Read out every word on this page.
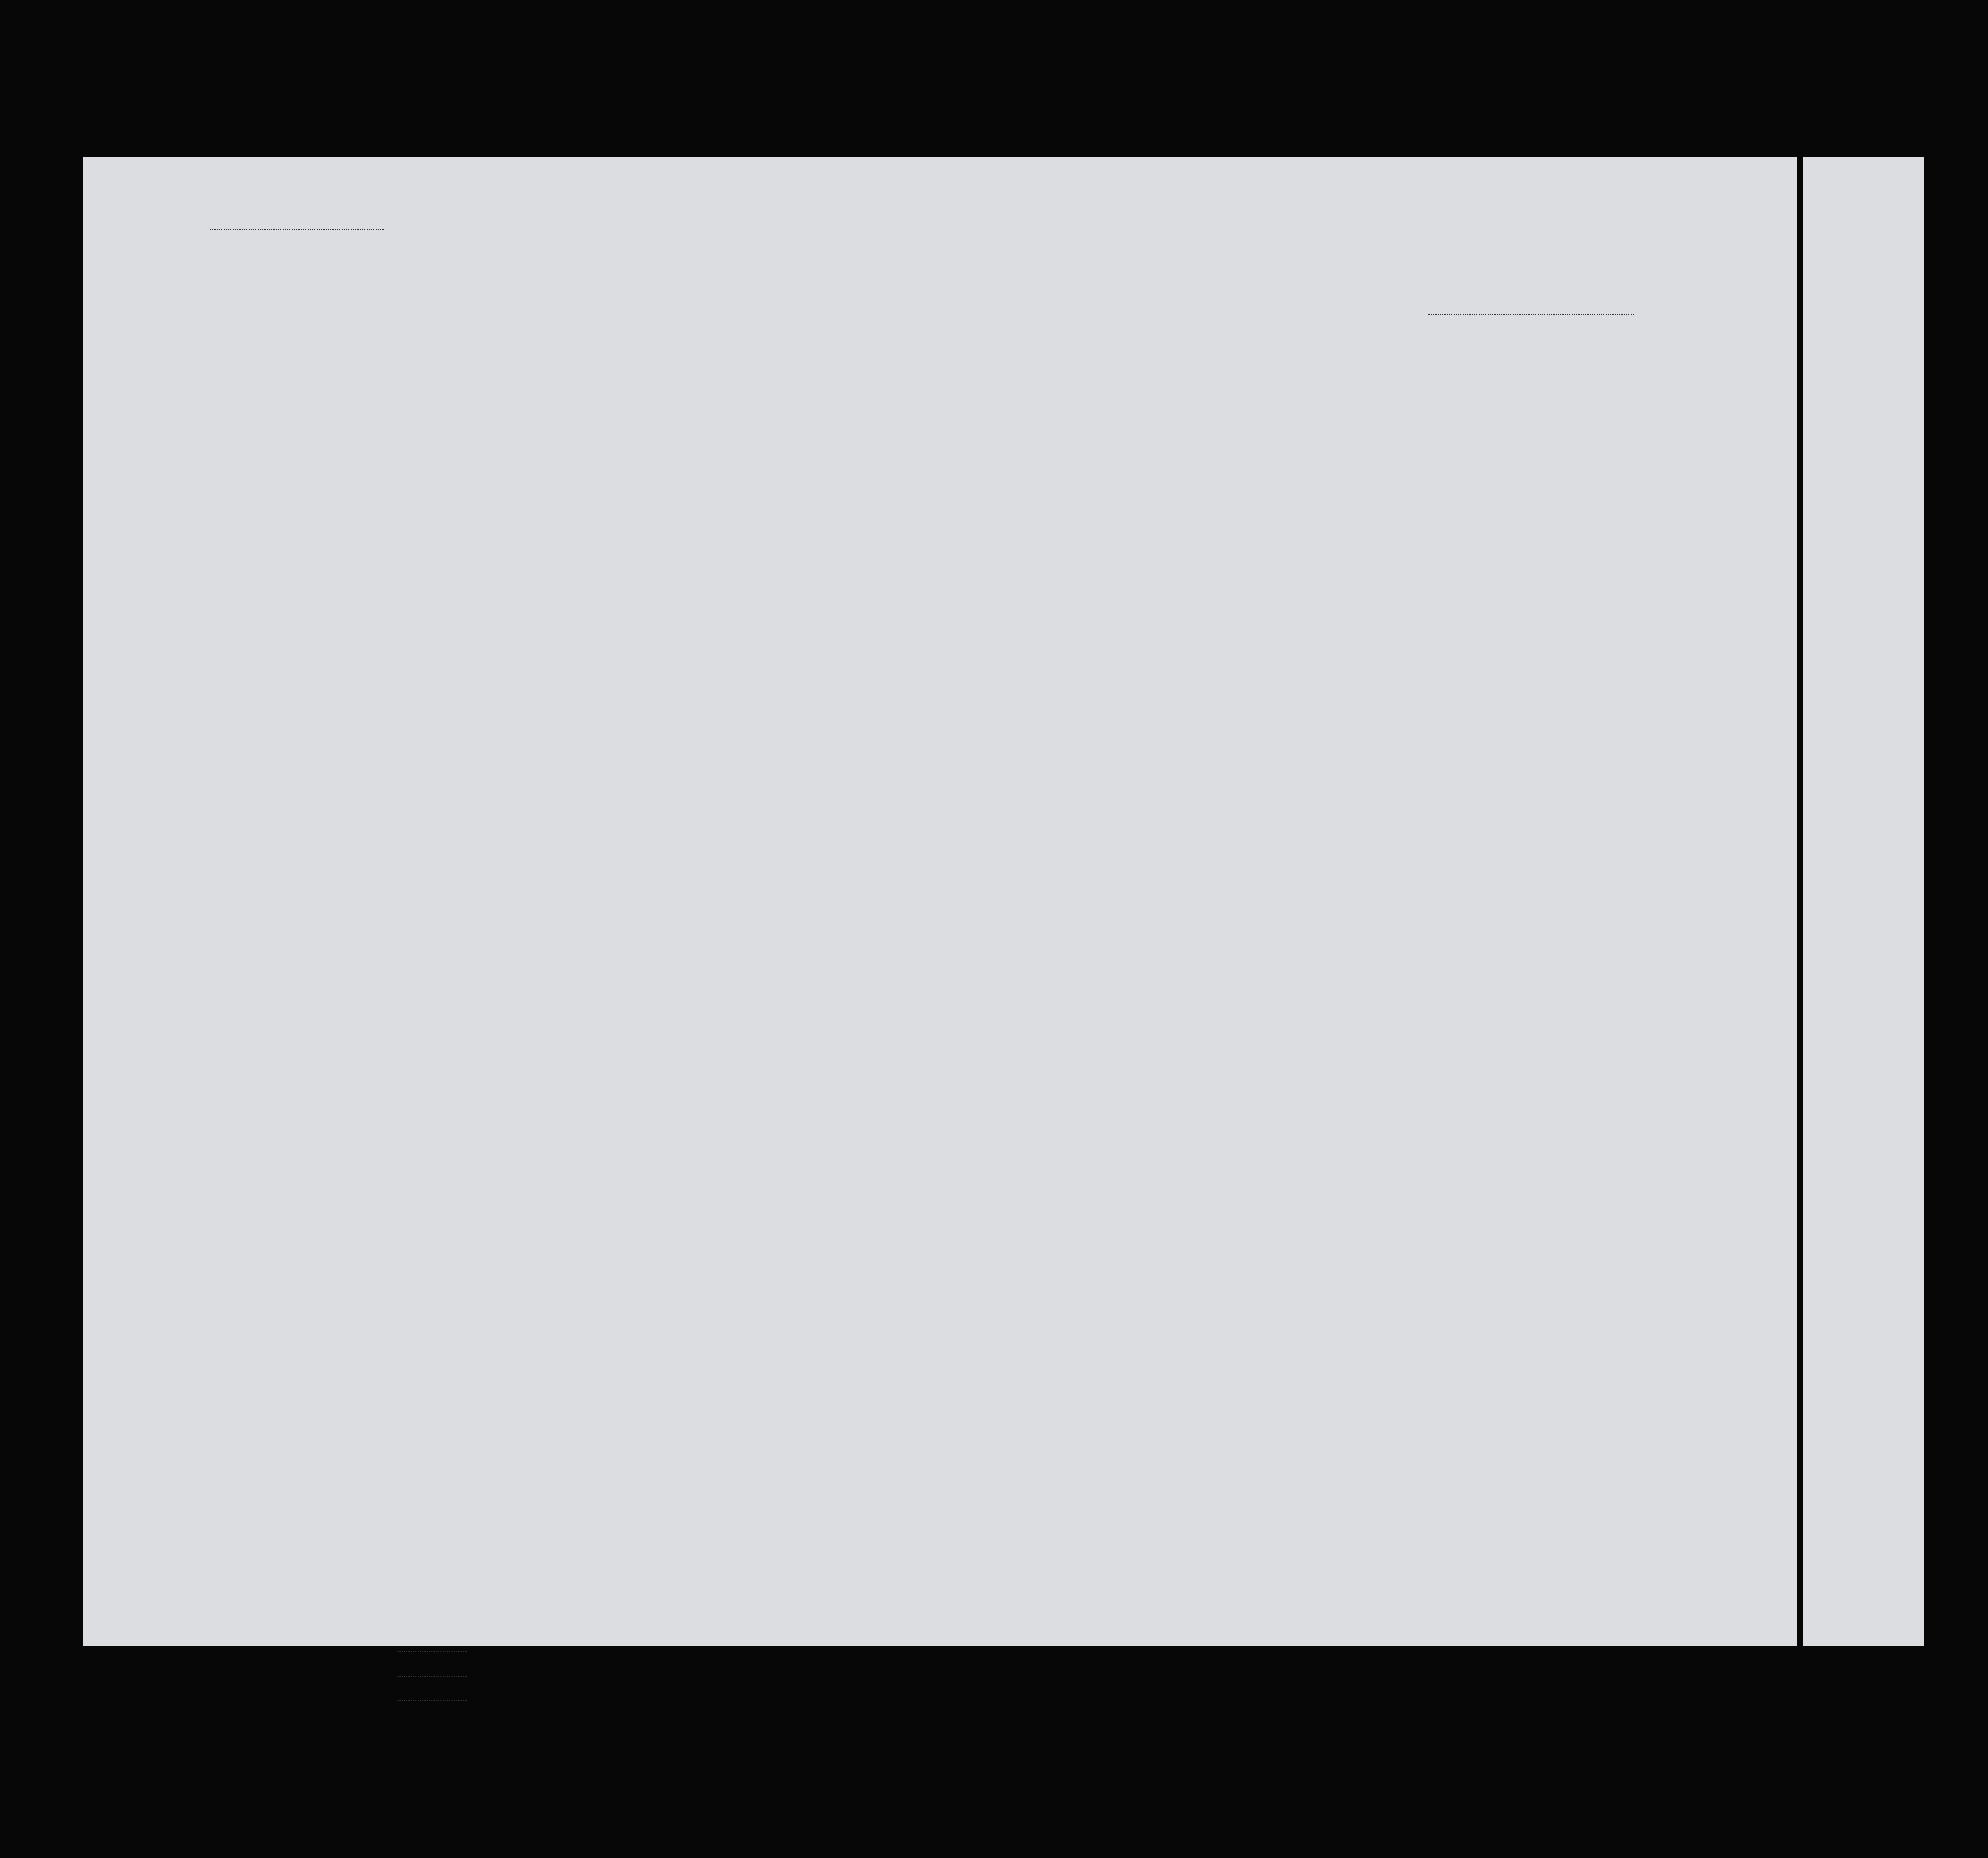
....
.....
.......
